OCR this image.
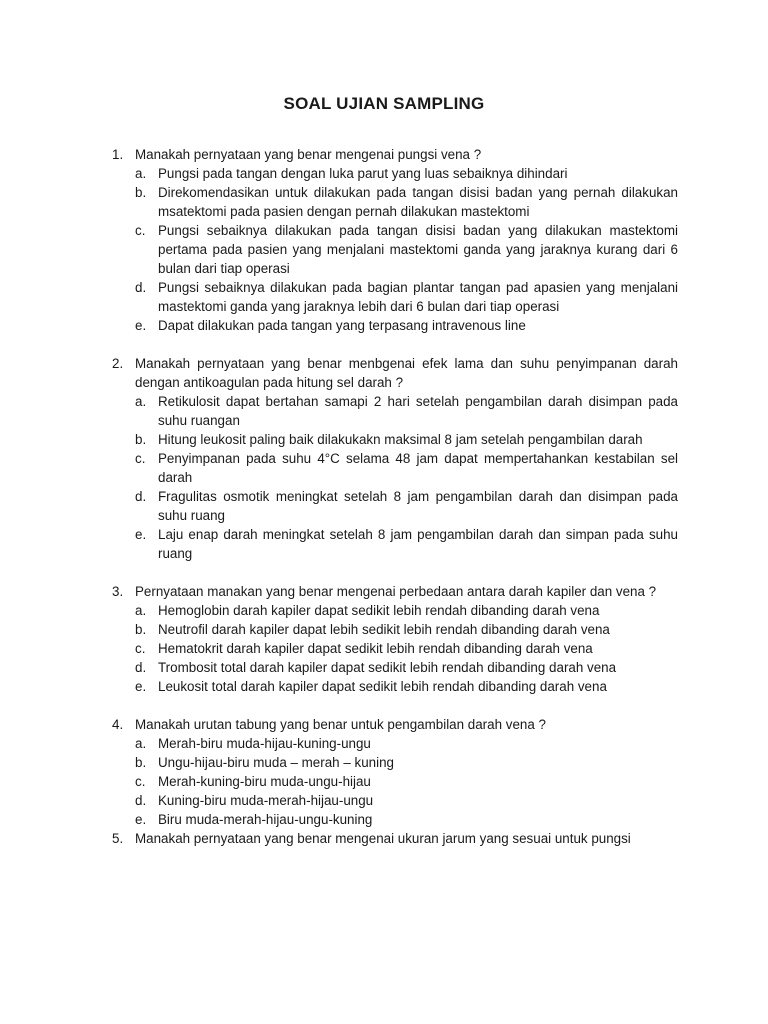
SOAL UJIAN SAMPLING
1. Manakah pernyataan yang benar mengenai pungsi vena ?
a. Pungsi pada tangan dengan luka parut yang luas sebaiknya dihindari
b. Direkomendasikan untuk dilakukan pada tangan disisi badan yang pernah dilakukan msatektomi pada pasien dengan pernah dilakukan mastektomi
c. Pungsi sebaiknya dilakukan pada tangan disisi badan yang dilakukan mastektomi pertama pada pasien yang menjalani mastektomi ganda yang jaraknya kurang dari 6 bulan dari tiap operasi
d. Pungsi sebaiknya dilakukan pada bagian plantar tangan pad apasien yang menjalani mastektomi ganda yang jaraknya lebih dari 6 bulan dari tiap operasi
e. Dapat dilakukan pada tangan yang terpasang intravenous line
2. Manakah pernyataan yang benar menbgenai efek lama dan suhu penyimpanan darah dengan antikoagulan pada hitung sel darah ?
a. Retikulosit dapat bertahan samapi 2 hari setelah pengambilan darah disimpan pada suhu ruangan
b. Hitung leukosit paling baik dilakukakn maksimal 8 jam setelah pengambilan darah
c. Penyimpanan pada suhu 4°C selama 48 jam dapat mempertahankan kestabilan sel darah
d. Fragulitas osmotik meningkat setelah 8 jam pengambilan darah dan disimpan pada suhu ruang
e. Laju enap darah meningkat setelah 8 jam pengambilan darah dan simpan pada suhu ruang
3. Pernyataan manakan yang benar mengenai perbedaan antara darah kapiler dan vena ?
a. Hemoglobin darah kapiler dapat sedikit lebih rendah dibanding darah vena
b. Neutrofil darah kapiler dapat lebih sedikit lebih rendah dibanding darah vena
c. Hematokrit darah kapiler dapat sedikit lebih rendah dibanding darah vena
d. Trombosit total darah kapiler dapat sedikit lebih rendah dibanding darah vena
e. Leukosit total darah kapiler dapat sedikit lebih rendah dibanding darah vena
4. Manakah urutan tabung yang benar untuk pengambilan darah vena ?
a. Merah-biru muda-hijau-kuning-ungu
b. Ungu-hijau-biru muda – merah – kuning
c. Merah-kuning-biru muda-ungu-hijau
d. Kuning-biru muda-merah-hijau-ungu
e. Biru muda-merah-hijau-ungu-kuning
5. Manakah pernyataan yang benar mengenai ukuran jarum yang sesuai untuk pungsi
